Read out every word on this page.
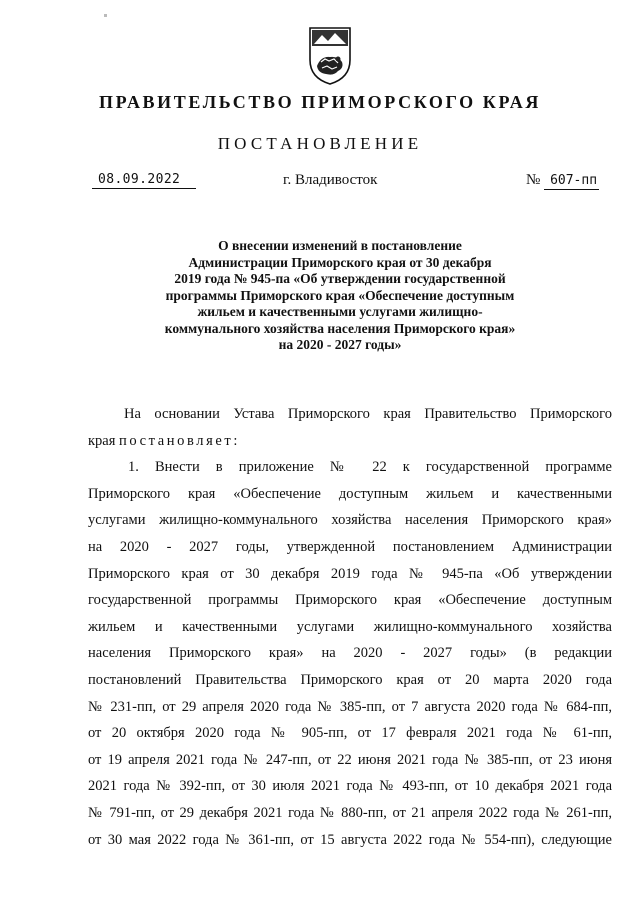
ПРАВИТЕЛЬСТВО ПРИМОРСКОГО КРАЯ
ПОСТАНОВЛЕНИЕ
08.09.2022	г. Владивосток	№ 607-пп
О внесении изменений в постановление
Администрации Приморского края от 30 декабря
2019 года № 945-па «Об утверждении государственной
программы Приморского края «Обеспечение доступным
жильем и качественными услугами жилищно-
коммунального хозяйства населения Приморского края»
на 2020 - 2027 годы»
На основании Устава Приморского края Правительство Приморского
края постановляет:
1. Внести в приложение № 22 к государственной программе
Приморского края «Обеспечение доступным жильем и качественными
услугами жилищно-коммунального хозяйства населения Приморского края»
на 2020 - 2027 годы, утвержденной постановлением Администрации
Приморского края от 30 декабря 2019 года № 945-па «Об утверждении
государственной программы Приморского края «Обеспечение доступным
жильем и качественными услугами жилищно-коммунального хозяйства
населения Приморского края» на 2020 - 2027 годы» (в редакции
постановлений Правительства Приморского края от 20 марта 2020 года
№ 231-пп, от 29 апреля 2020 года № 385-пп, от 7 августа 2020 года № 684-пп,
от 20 октября 2020 года № 905-пп, от 17 февраля 2021 года № 61-пп,
от 19 апреля 2021 года № 247-пп, от 22 июня 2021 года № 385-пп, от 23 июня
2021 года № 392-пп, от 30 июля 2021 года № 493-пп, от 10 декабря 2021 года
№ 791-пп, от 29 декабря 2021 года № 880-пп, от 21 апреля 2022 года № 261-пп,
от 30 мая 2022 года № 361-пп, от 15 августа 2022 года № 554-пп), следующие
